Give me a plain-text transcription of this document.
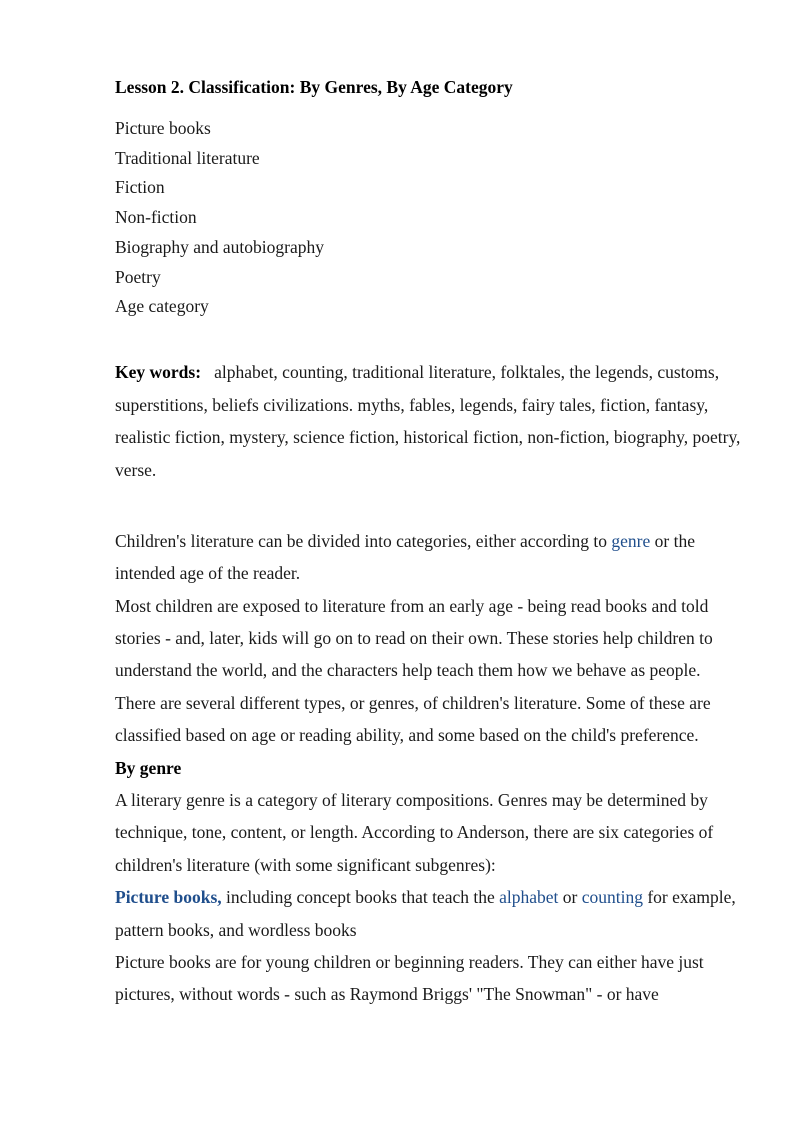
Lesson 2. Classification: By Genres, By Age Category
Picture books
Traditional literature
Fiction
Non-fiction
Biography and autobiography
Poetry
Age category

Key words: alphabet, counting, traditional literature, folktales, the legends, customs, superstitions, beliefs civilizations. myths, fables, legends, fairy tales, fiction, fantasy, realistic fiction, mystery, science fiction, historical fiction, non-fiction, biography, poetry, verse.

Children's literature can be divided into categories, either according to genre or the intended age of the reader.

Most children are exposed to literature from an early age - being read books and told stories - and, later, kids will go on to read on their own. These stories help children to understand the world, and the characters help teach them how we behave as people. There are several different types, or genres, of children's literature. Some of these are classified based on age or reading ability, and some based on the child's preference.

By genre

A literary genre is a category of literary compositions. Genres may be determined by technique, tone, content, or length. According to Anderson, there are six categories of children's literature (with some significant subgenres):

Picture books, including concept books that teach the alphabet or counting for example, pattern books, and wordless books

Picture books are for young children or beginning readers. They can either have just pictures, without words - such as Raymond Briggs' "The Snowman" - or have
